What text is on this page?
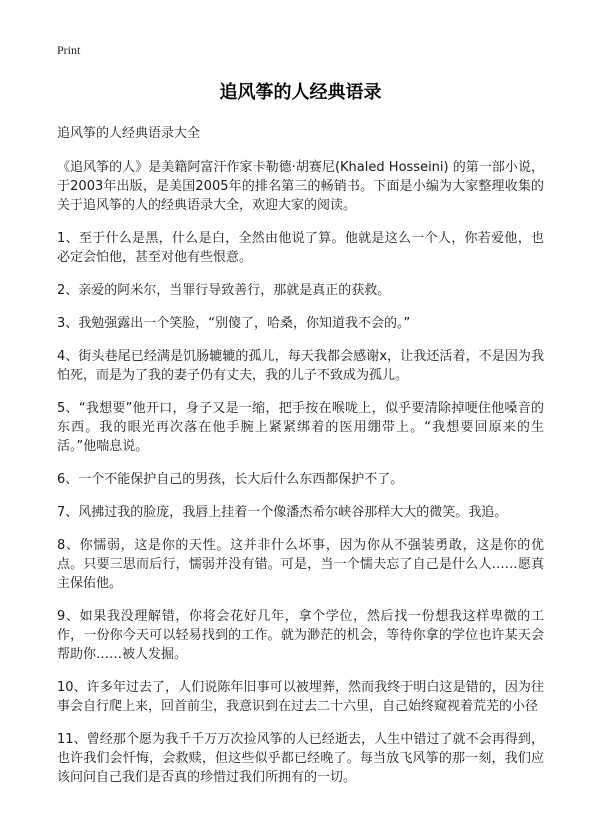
Print
追风筝的人经典语录
追风筝的人经典语录大全
《追风筝的人》是美籍阿富汗作家卡勒德·胡赛尼(Khaled Hosseini) 的第一部小说，于2003年出版，是美国2005年的排名第三的畅销书。下面是小编为大家整理收集的关于追风筝的人的经典语录大全，欢迎大家的阅读。
1、至于什么是黑，什么是白，全然由他说了算。他就是这么一个人，你若爱他，也必定会怕他，甚至对他有些恨意。
2、亲爱的阿米尔，当罪行导致善行，那就是真正的获救。
3、我勉强露出一个笑脸，“别傻了，哈桑，你知道我不会的。”
4、街头巷尾已经满是饥肠辘辘的孤儿，每天我都会感谢x，让我还活着，不是因为我怕死，而是为了我的妻子仍有丈夫，我的儿子不致成为孤儿。
5、“我想要”他开口，身子又是一缩，把手按在喉咙上，似乎要清除掉哽住他嗓音的东西。我的眼光再次落在他手腕上紧紧绑着的医用绷带上。“我想要回原来的生活。”他喘息说。
6、一个不能保护自己的男孩，长大后什么东西都保护不了。
7、风拂过我的脸庞，我唇上挂着一个像潘杰希尔峡谷那样大大的微笑。我追。
8、你懦弱，这是你的天性。这并非什么坏事，因为你从不强装勇敢，这是你的优点。只要三思而后行，懦弱并没有错。可是，当一个懦夫忘了自己是什么人……愿真主保佑他。
9、如果我没理解错，你将会花好几年，拿个学位，然后找一份想我这样卑微的工作，一份你今天可以轻易找到的工作。就为渺茫的机会，等待你拿的学位也许某天会帮助你……被人发掘。
10、许多年过去了，人们说陈年旧事可以被埋葬，然而我终于明白这是错的，因为往事会自行爬上来，回首前尘，我意识到在过去二十六里，自己始终窥视着荒芜的小径
11、曾经那个愿为我千千万万次捡风筝的人已经逝去，人生中错过了就不会再得到，也许我们会忏悔，会救赎，但这些似乎都已经晚了。每当放飞风筝的那一刻，我们应该问问自己我们是否真的珍惜过我们所拥有的一切。
